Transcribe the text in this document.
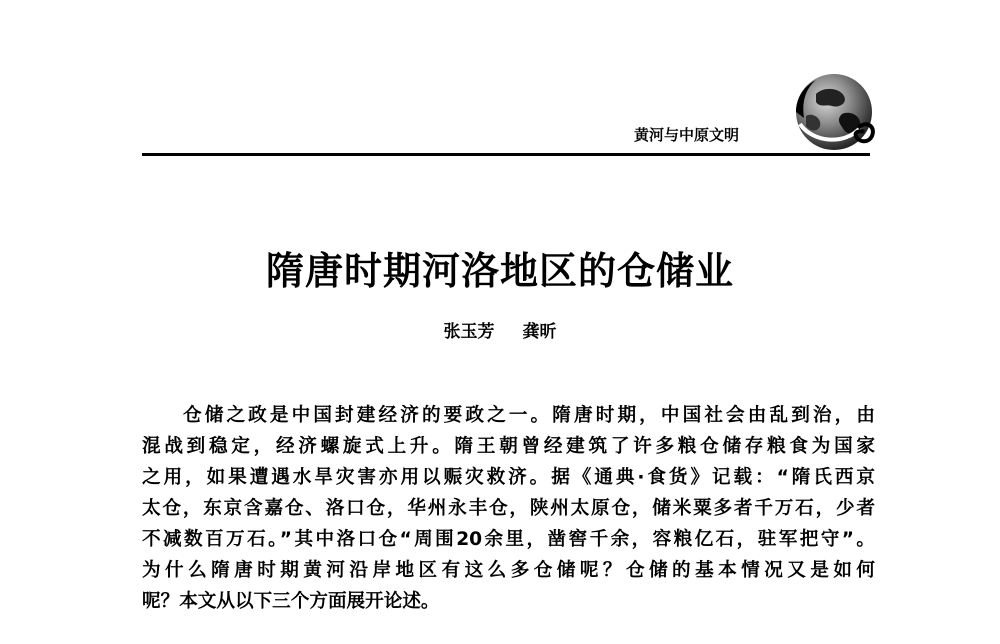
黄河与中原文明
隋唐时期河洛地区的仓储业
张玉芳 龚昕
仓储之政是中国封建经济的要政之一。隋唐时期，中国社会由乱到治，由
混战到稳定，经济螺旋式上升。隋王朝曾经建筑了许多粮仓储存粮食为国家
之用，如果遭遇水旱灾害亦用以赈灾救济。据《通典·食货》记载：“隋氏西京
太仓，东京含嘉仓、洛口仓，华州永丰仓，陕州太原仓，储米粟多者千万石，少者
不减数百万石。”其中洛口仓“周围20余里，凿窖千余，容粮亿石，驻军把守”。
为什么隋唐时期黄河沿岸地区有这么多仓储呢？仓储的基本情况又是如何
呢？本文从以下三个方面展开论述。
